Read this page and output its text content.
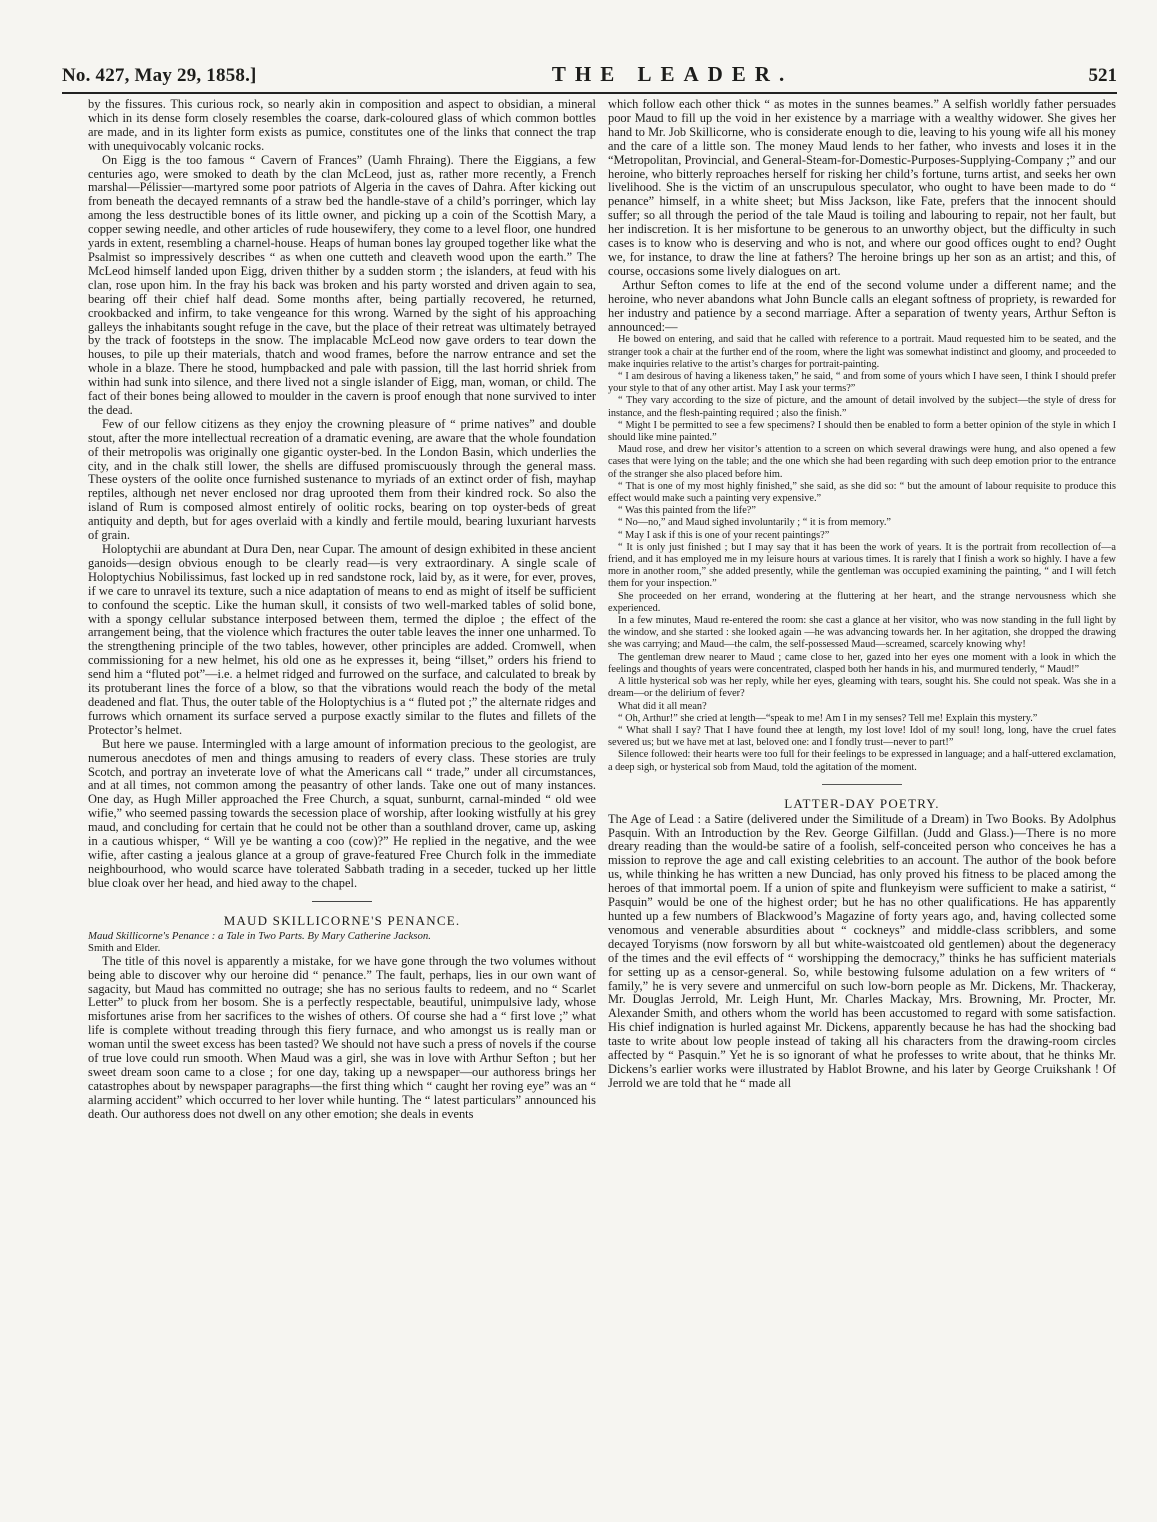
No. 427, May 29, 1858.]	THE LEADER.	521

by the fissures. This curious rock, so nearly akin in composition and aspect to obsidian, a mineral which in its dense form closely resembles the coarse, dark-coloured glass of which common bottles are made, and in its lighter form exists as pumice, constitutes one of the links that connect the trap with unequivocably volcanic rocks.

On Eigg is the too famous “ Cavern of Frances” (Uamh Fhraing). There the Eiggians, a few centuries ago, were smoked to death by the clan McLeod, just as, rather more recently, a French marshal—Pélissier—martyred some poor patriots of Algeria in the caves of Dahra. After kicking out from beneath the decayed remnants of a straw bed the handle-stave of a child’s porringer, which lay among the less destructible bones of its little owner, and picking up a coin of the Scottish Mary, a copper sewing needle, and other articles of rude housewifery, they come to a level floor, one hundred yards in extent, resembling a charnel-house. Heaps of human bones lay grouped together like what the Psalmist so impressively describes “ as when one cutteth and cleaveth wood upon the earth.” The McLeod himself landed upon Eigg, driven thither by a sudden storm ; the islanders, at feud with his clan, rose upon him. In the fray his back was broken and his party worsted and driven again to sea, bearing off their chief half dead. Some months after, being partially recovered, he returned, crookbacked and infirm, to take vengeance for this wrong. Warned by the sight of his approaching galleys the inhabitants sought refuge in the cave, but the place of their retreat was ultimately betrayed by the track of footsteps in the snow. The implacable McLeod now gave orders to tear down the houses, to pile up their materials, thatch and wood frames, before the narrow entrance and set the whole in a blaze. There he stood, humpbacked and pale with passion, till the last horrid shriek from within had sunk into silence, and there lived not a single islander of Eigg, man, woman, or child. The fact of their bones being allowed to moulder in the cavern is proof enough that none survived to inter the dead.

Few of our fellow citizens as they enjoy the crowning pleasure of “ prime natives” and double stout, after the more intellectual recreation of a dramatic evening, are aware that the whole foundation of their metropolis was originally one gigantic oyster-bed. In the London Basin, which underlies the city, and in the chalk still lower, the shells are diffused promiscuously through the general mass. These oysters of the oolite once furnished sustenance to myriads of an extinct order of fish, mayhap reptiles, although net never enclosed nor drag uprooted them from their kindred rock. So also the island of Rum is composed almost entirely of oolitic rocks, bearing on top oyster-beds of great antiquity and depth, but for ages overlaid with a kindly and fertile mould, bearing luxuriant harvests of grain.

Holoptychii are abundant at Dura Den, near Cupar. The amount of design exhibited in these ancient ganoids—design obvious enough to be clearly read—is very extraordinary. A single scale of Holoptychius Nobilissimus, fast locked up in red sandstone rock, laid by, as it were, for ever, proves, if we care to unravel its texture, such a nice adaptation of means to end as might of itself be sufficient to confound the sceptic. Like the human skull, it consists of two well-marked tables of solid bone, with a spongy cellular substance interposed between them, termed the diploe ; the effect of the arrangement being, that the violence which fractures the outer table leaves the inner one unharmed. To the strengthening principle of the two tables, however, other principles are added. Cromwell, when commissioning for a new helmet, his old one as he expresses it, being “illset,” orders his friend to send him a “fluted pot”—i.e. a helmet ridged and furrowed on the surface, and calculated to break by its protuberant lines the force of a blow, so that the vibrations would reach the body of the metal deadened and flat. Thus, the outer table of the Holoptychius is a “ fluted pot ;” the alternate ridges and furrows which ornament its surface served a purpose exactly similar to the flutes and fillets of the Protector’s helmet.

But here we pause. Intermingled with a large amount of information precious to the geologist, are numerous anecdotes of men and things amusing to readers of every class. These stories are truly Scotch, and portray an inveterate love of what the Americans call “ trade,” under all circumstances, and at all times, not common among the peasantry of other lands. Take one out of many instances. One day, as Hugh Miller approached the Free Church, a squat, sunburnt, carnal-minded “ old wee wifie,” who seemed passing towards the secession place of worship, after looking wistfully at his grey maud, and concluding for certain that he could not be other than a southland drover, came up, asking in a cautious whisper, “ Will ye be wanting a coo (cow)?” He replied in the negative, and the wee wifie, after casting a jealous glance at a group of grave-featured Free Church folk in the immediate neighbourhood, who would scarce have tolerated Sabbath trading in a seceder, tucked up her little blue cloak over her head, and hied away to the chapel.

MAUD SKILLICORNE'S PENANCE.

Maud Skillicorne's Penance : a Tale in Two Parts. By Mary Catherine Jackson.

Smith and Elder.

The title of this novel is apparently a mistake, for we have gone through the two volumes without being able to discover why our heroine did “ penance.” The fault, perhaps, lies in our own want of sagacity, but Maud has committed no outrage; she has no serious faults to redeem, and no “ Scarlet Letter” to pluck from her bosom. She is a perfectly respectable, beautiful, unimpulsive lady, whose misfortunes arise from her sacrifices to the wishes of others. Of course she had a “ first love ;” what life is complete without treading through this fiery furnace, and who amongst us is really man or woman until the sweet excess has been tasted? We should not have such a press of novels if the course of true love could run smooth. When Maud was a girl, she was in love with Arthur Sefton ; but her sweet dream soon came to a close ; for one day, taking up a newspaper—our authoress brings her catastrophes about by newspaper paragraphs—the first thing which “ caught her roving eye” was an “ alarming accident” which occurred to her lover while hunting. The “ latest particulars” announced his death. Our authoress does not dwell on any other emotion; she deals in events

which follow each other thick “ as motes in the sunnes beames.” A selfish worldly father persuades poor Maud to fill up the void in her existence by a marriage with a wealthy widower. She gives her hand to Mr. Job Skillicorne, who is considerate enough to die, leaving to his young wife all his money and the care of a little son. The money Maud lends to her father, who invests and loses it in the “Metropolitan, Provincial, and General-Steam-for-Domestic-Purposes-Supplying-Company ;” and our heroine, who bitterly reproaches herself for risking her child’s fortune, turns artist, and seeks her own livelihood. She is the victim of an unscrupulous speculator, who ought to have been made to do “ penance” himself, in a white sheet; but Miss Jackson, like Fate, prefers that the innocent should suffer; so all through the period of the tale Maud is toiling and labouring to repair, not her fault, but her indiscretion. It is her misfortune to be generous to an unworthy object, but the difficulty in such cases is to know who is deserving and who is not, and where our good offices ought to end? Ought we, for instance, to draw the line at fathers? The heroine brings up her son as an artist; and this, of course, occasions some lively dialogues on art.

Arthur Sefton comes to life at the end of the second volume under a different name; and the heroine, who never abandons what John Buncle calls an elegant softness of propriety, is rewarded for her industry and patience by a second marriage. After a separation of twenty years, Arthur Sefton is announced:—

He bowed on entering, and said that he called with reference to a portrait. Maud requested him to be seated, and the stranger took a chair at the further end of the room, where the light was somewhat indistinct and gloomy, and proceeded to make inquiries relative to the artist’s charges for portrait-painting.

“ I am desirous of having a likeness taken,” he said, “ and from some of yours which I have seen, I think I should prefer your style to that of any other artist. May I ask your terms?”

“ They vary according to the size of picture, and the amount of detail involved by the subject—the style of dress for instance, and the flesh-painting required ; also the finish.”

“ Might I be permitted to see a few specimens? I should then be enabled to form a better opinion of the style in which I should like mine painted.”

Maud rose, and drew her visitor’s attention to a screen on which several drawings were hung, and also opened a few cases that were lying on the table; and the one which she had been regarding with such deep emotion prior to the entrance of the stranger she also placed before him.

“ That is one of my most highly finished,” she said, as she did so: “ but the amount of labour requisite to produce this effect would make such a painting very expensive.”

“ Was this painted from the life?”

“ No—no,” and Maud sighed involuntarily ; “ it is from memory.”

“ May I ask if this is one of your recent paintings?”

“ It is only just finished ; but I may say that it has been the work of years. It is the portrait from recollection of—a friend, and it has employed me in my leisure hours at various times. It is rarely that I finish a work so highly. I have a few more in another room,” she added presently, while the gentleman was occupied examining the painting, “ and I will fetch them for your inspection.”

She proceeded on her errand, wondering at the fluttering at her heart, and the strange nervousness which she experienced.

In a few minutes, Maud re-entered the room: she cast a glance at her visitor, who was now standing in the full light by the window, and she started : she looked again —he was advancing towards her. In her agitation, she dropped the drawing she was carrying; and Maud—the calm, the self-possessed Maud—screamed, scarcely knowing why!

The gentleman drew nearer to Maud ; came close to her, gazed into her eyes one moment with a look in which the feelings and thoughts of years were concentrated, clasped both her hands in his, and murmured tenderly, “ Maud!”

A little hysterical sob was her reply, while her eyes, gleaming with tears, sought his. She could not speak. Was she in a dream—or the delirium of fever?

What did it all mean?

“ Oh, Arthur!” she cried at length—“speak to me! Am I in my senses? Tell me! Explain this mystery.”

“ What shall I say? That I have found thee at length, my lost love! Idol of my soul! long, long, have the cruel fates severed us; but we have met at last, beloved one: and I fondly trust—never to part!”

Silence followed: their hearts were too full for their feelings to be expressed in language; and a half-uttered exclamation, a deep sigh, or hysterical sob from Maud, told the agitation of the moment.

LATTER-DAY POETRY.

The Age of Lead : a Satire (delivered under the Similitude of a Dream) in Two Books. By Adolphus Pasquin. With an Introduction by the Rev. George Gilfillan. (Judd and Glass.)—There is no more dreary reading than the would-be satire of a foolish, self-conceited person who conceives he has a mission to reprove the age and call existing celebrities to an account. The author of the book before us, while thinking he has written a new Dunciad, has only proved his fitness to be placed among the heroes of that immortal poem. If a union of spite and flunkeyism were sufficient to make a satirist, “ Pasquin” would be one of the highest order; but he has no other qualifications. He has apparently hunted up a few numbers of Blackwood’s Magazine of forty years ago, and, having collected some venomous and venerable absurdities about “ cockneys” and middle-class scribblers, and some decayed Toryisms (now forsworn by all but white-waistcoated old gentlemen) about the degeneracy of the times and the evil effects of “ worshipping the democracy,” thinks he has sufficient materials for setting up as a censor-general. So, while bestowing fulsome adulation on a few writers of “ family,” he is very severe and unmerciful on such low-born people as Mr. Dickens, Mr. Thackeray, Mr. Douglas Jerrold, Mr. Leigh Hunt, Mr. Charles Mackay, Mrs. Browning, Mr. Procter, Mr. Alexander Smith, and others whom the world has been accustomed to regard with some satisfaction. His chief indignation is hurled against Mr. Dickens, apparently because he has had the shocking bad taste to write about low people instead of taking all his characters from the drawing-room circles affected by “ Pasquin.” Yet he is so ignorant of what he professes to write about, that he thinks Mr. Dickens’s earlier works were illustrated by Hablot Browne, and his later by George Cruikshank ! Of Jerrold we are told that he “ made all
